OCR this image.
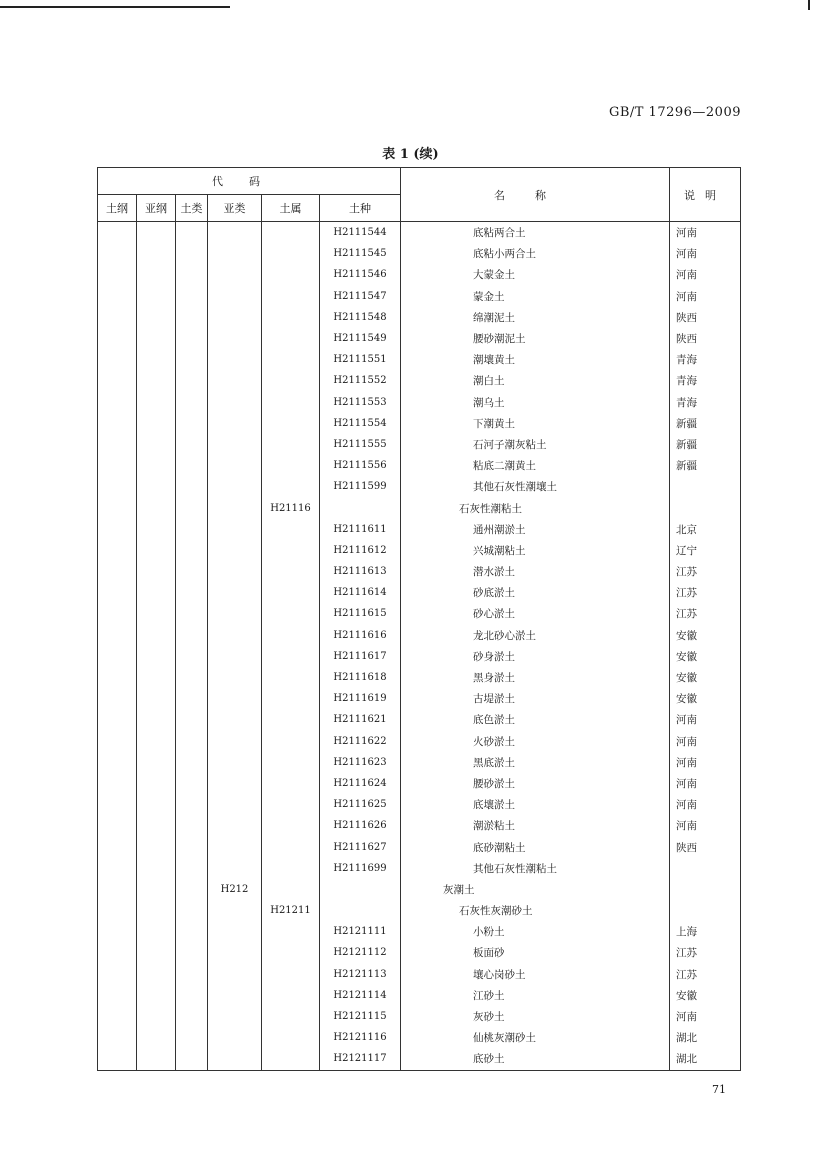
GB/T 17296—2009
表 1 (续)
代码						名称	说明
土纲	亚纲	土类	亚类	土属	土种		
					H2111544	底粘两合土	河南
					H2111545	底粘小两合土	河南
					H2111546	大蒙金土	河南
					H2111547	蒙金土	河南
					H2111548	绵潮泥土	陕西
					H2111549	腰砂潮泥土	陕西
					H2111551	潮壤黄土	青海
					H2111552	潮白土	青海
					H2111553	潮乌土	青海
					H2111554	下潮黄土	新疆
					H2111555	石河子潮灰粘土	新疆
					H2111556	粘底二潮黄土	新疆
					H2111599	其他石灰性潮壤土	
				H21116		石灰性潮粘土	
					H2111611	通州潮淤土	北京
					H2111612	兴城潮粘土	辽宁
					H2111613	潜水淤土	江苏
					H2111614	砂底淤土	江苏
					H2111615	砂心淤土	江苏
					H2111616	龙北砂心淤土	安徽
					H2111617	砂身淤土	安徽
					H2111618	黑身淤土	安徽
					H2111619	古堤淤土	安徽
					H2111621	底色淤土	河南
					H2111622	火砂淤土	河南
					H2111623	黑底淤土	河南
					H2111624	腰砂淤土	河南
					H2111625	底壤淤土	河南
					H2111626	潮淤粘土	河南
					H2111627	底砂潮粘土	陕西
					H2111699	其他石灰性潮粘土	
			H212			灰潮土	
				H21211		石灰性灰潮砂土	
					H2121111	小粉土	上海
					H2121112	板面砂	江苏
					H2121113	壤心岗砂土	江苏
					H2121114	江砂土	安徽
					H2121115	灰砂土	河南
					H2121116	仙桃灰潮砂土	湖北
					H2121117	底砂土	湖北
71
